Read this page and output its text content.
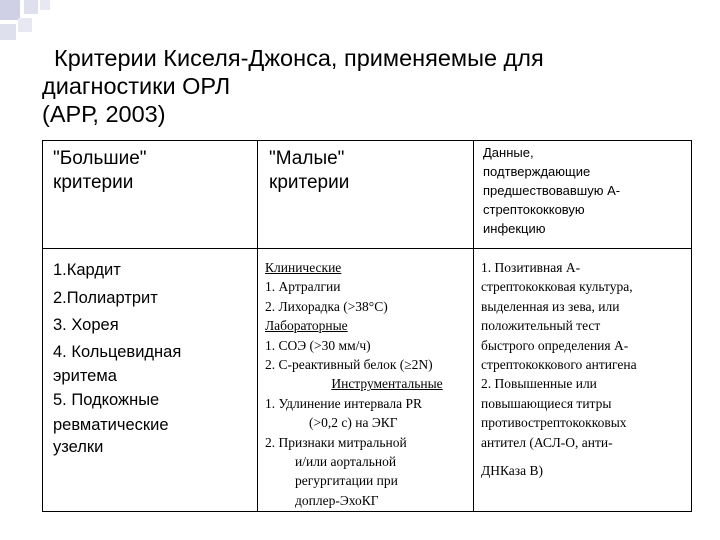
Критерии Киселя-Джонса, применяемые для
диагностики ОРЛ
(АРР, 2003)
"Большие"
критерии
"Малые"
критерии
Данные,
подтверждающие
предшествовавшую А-
стрептококковую
инфекцию
1.Кардит
2.Полиартрит
3. Хорея
4. Кольцевидная
эритема
5. Подкожные
ревматические
узелки
Клинические
1. Артралгии
2. Лихорадка (>38°С)
Лабораторные
1. СОЭ (>30 мм/ч)
2. С-реактивный белок (≥2N)
Инструментальные
1. Удлинение интервала PR
(>0,2 с) на ЭКГ
2. Признаки митральной
и/или аортальной
регургитации при
доплер-ЭхоКГ
1. Позитивная А-
стрептококковая культура,
выделенная из зева, или
положительный тест
быстрого определения А-
стрептококкового антигена
2. Повышенные или
повышающиеся титры
противострептококковых
антител (АСЛ-О, анти-
ДНКаза В)
